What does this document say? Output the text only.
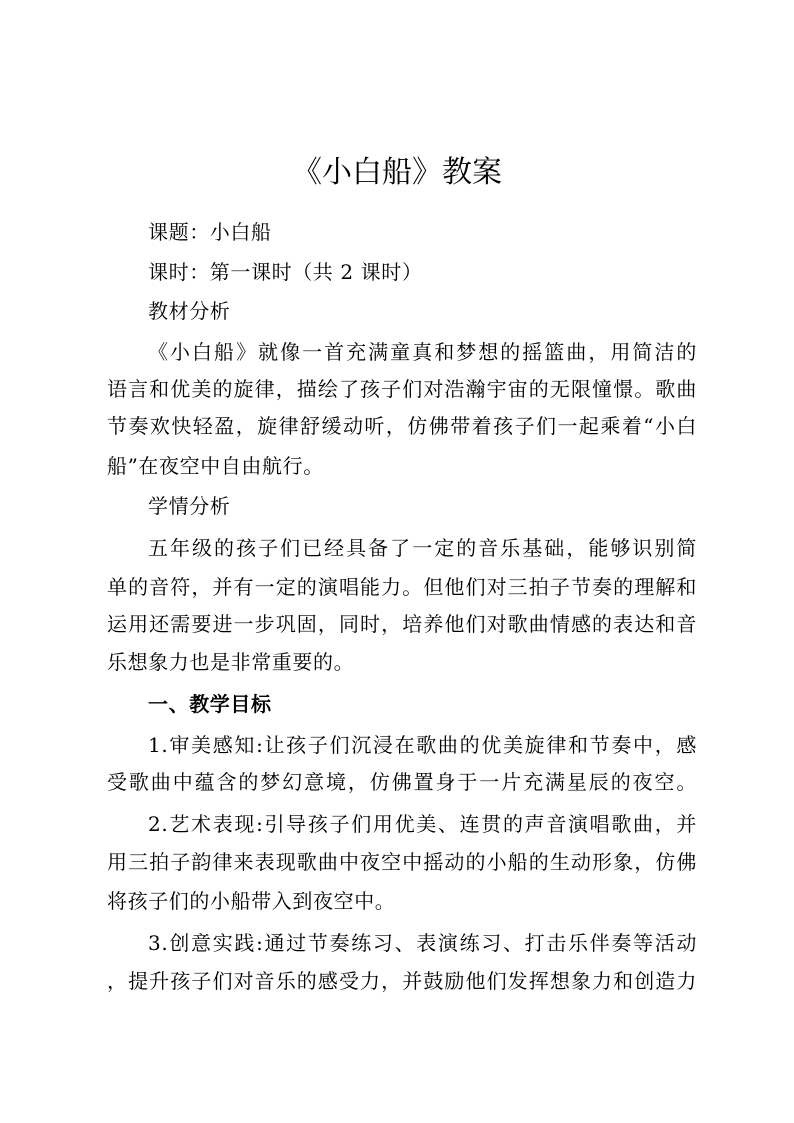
《小白船》教案
课题：小白船
课时：第一课时（共 2 课时）
教材分析
《小白船》就像一首充满童真和梦想的摇篮曲，用简洁的
语言和优美的旋律，描绘了孩子们对浩瀚宇宙的无限憧憬。歌曲
节奏欢快轻盈，旋律舒缓动听，仿佛带着孩子们一起乘着“小白
船”在夜空中自由航行。
学情分析
五年级的孩子们已经具备了一定的音乐基础，能够识别简
单的音符，并有一定的演唱能力。但他们对三拍子节奏的理解和
运用还需要进一步巩固，同时，培养他们对歌曲情感的表达和音
乐想象力也是非常重要的。
一、教学目标
1.审美感知:让孩子们沉浸在歌曲的优美旋律和节奏中，感
受歌曲中蕴含的梦幻意境，仿佛置身于一片充满星辰的夜空。
2.艺术表现:引导孩子们用优美、连贯的声音演唱歌曲，并
用三拍子韵律来表现歌曲中夜空中摇动的小船的生动形象，仿佛
将孩子们的小船带入到夜空中。
3.创意实践:通过节奏练习、表演练习、打击乐伴奏等活动
，提升孩子们对音乐的感受力，并鼓励他们发挥想象力和创造力
